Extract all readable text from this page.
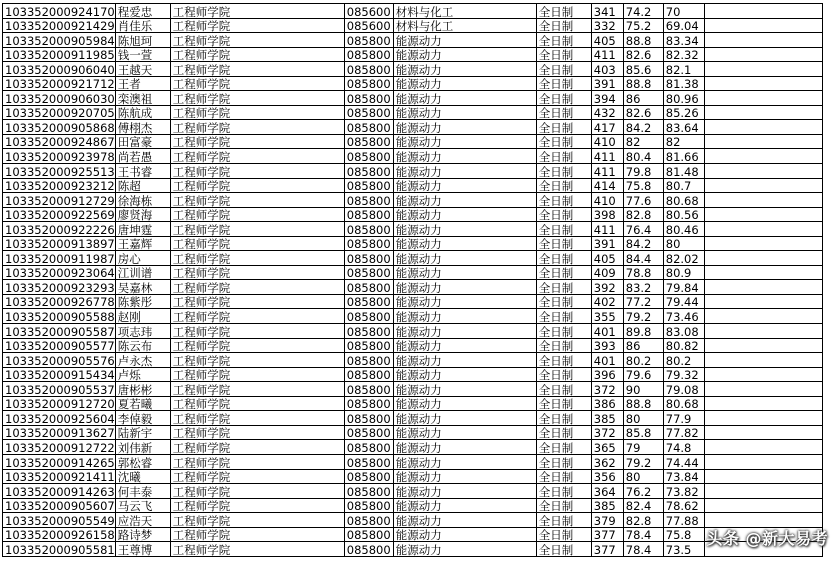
103352000924170	程爱忠	工程师学院	085600	材料与化工	全日制	341	74.2	70	
103352000921429	肖佳乐	工程师学院	085600	材料与化工	全日制	332	75.2	69.04	
103352000905984	陈旭珂	工程师学院	085800	能源动力	全日制	405	88.8	83.34	
103352000911985	钱一萱	工程师学院	085800	能源动力	全日制	411	82.6	82.32	
103352000906040	王越天	工程师学院	085800	能源动力	全日制	403	85.6	82.1	
103352000921712	王者	工程师学院	085800	能源动力	全日制	391	88.8	81.38	
103352000906030	栾澳祖	工程师学院	085800	能源动力	全日制	394	86	80.96	
103352000920705	陈航成	工程师学院	085800	能源动力	全日制	432	82.6	85.26	
103352000905868	傅栩杰	工程师学院	085800	能源动力	全日制	417	84.2	83.64	
103352000924867	田富豪	工程师学院	085800	能源动力	全日制	410	82	82	
103352000923978	尚若愚	工程师学院	085800	能源动力	全日制	411	80.4	81.66	
103352000925513	王书睿	工程师学院	085800	能源动力	全日制	411	79.8	81.48	
103352000923212	陈超	工程师学院	085800	能源动力	全日制	414	75.8	80.7	
103352000912729	徐海栋	工程师学院	085800	能源动力	全日制	410	77.6	80.68	
103352000922569	廖贤海	工程师学院	085800	能源动力	全日制	398	82.8	80.56	
103352000922226	唐坤霆	工程师学院	085800	能源动力	全日制	411	76.4	80.46	
103352000913897	王嘉辉	工程师学院	085800	能源动力	全日制	391	84.2	80	
103352000911987	房心	工程师学院	085800	能源动力	全日制	405	84.4	82.02	
103352000923064	江训谱	工程师学院	085800	能源动力	全日制	409	78.8	80.9	
103352000923293	吴嘉林	工程师学院	085800	能源动力	全日制	392	83.2	79.84	
103352000926778	陈紫彤	工程师学院	085800	能源动力	全日制	402	77.2	79.44	
103352000905588	赵刚	工程师学院	085800	能源动力	全日制	355	79.2	73.46	
103352000905587	项志玮	工程师学院	085800	能源动力	全日制	401	89.8	83.08	
103352000905577	陈云布	工程师学院	085800	能源动力	全日制	393	86	80.82	
103352000905576	卢永杰	工程师学院	085800	能源动力	全日制	401	80.2	80.2	
103352000915434	卢烁	工程师学院	085800	能源动力	全日制	396	79.6	79.32	
103352000905537	唐彬彬	工程师学院	085800	能源动力	全日制	372	90	79.08	
103352000912720	夏若曦	工程师学院	085800	能源动力	全日制	386	88.8	80.68	
103352000925604	李倬毅	工程师学院	085800	能源动力	全日制	385	80	77.9	
103352000913627	陆新宇	工程师学院	085800	能源动力	全日制	372	85.8	77.82	
103352000912722	刘伟新	工程师学院	085800	能源动力	全日制	365	79	74.8	
103352000914265	郭松睿	工程师学院	085800	能源动力	全日制	362	79.2	74.44	
103352000921411	沈曦	工程师学院	085800	能源动力	全日制	356	80	73.84	
103352000914263	何丰泰	工程师学院	085800	能源动力	全日制	364	76.2	73.82	
103352000905607	马云飞	工程师学院	085800	能源动力	全日制	385	82.4	78.62	
103352000905549	应浩天	工程师学院	085800	能源动力	全日制	379	82.8	77.88	
103352000926158	路诗梦	工程师学院	085800	能源动力	全日制	377	78.4	75.8	
103352000905581	王尊博	工程师学院	085800	能源动力	全日制	377	78.4	73.5	
头条 @新大易考
